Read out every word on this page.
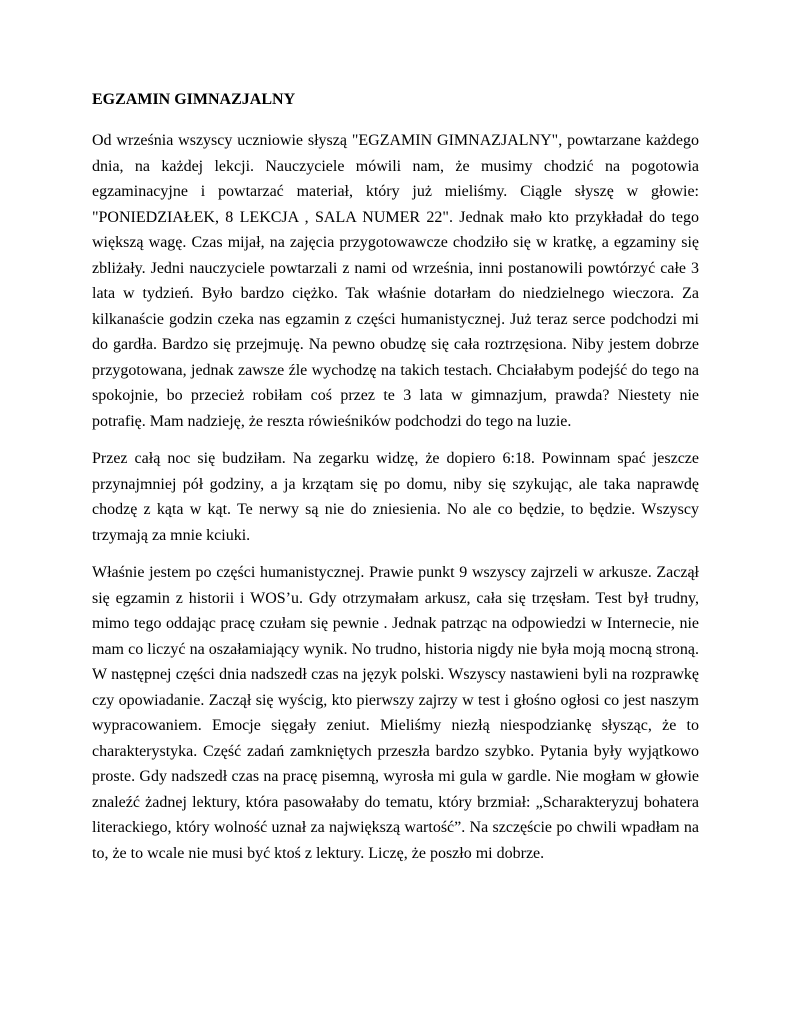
EGZAMIN GIMNAZJALNY

Od września wszyscy uczniowie słyszą "EGZAMIN GIMNAZJALNY", powtarzane każdego dnia, na każdej lekcji. Nauczyciele mówili nam, że musimy chodzić na pogotowia egzaminacyjne i powtarzać materiał, który już mieliśmy. Ciągle słyszę w głowie: "PONIEDZIAŁEK, 8 LEKCJA , SALA NUMER 22". Jednak mało kto przykładał do tego większą wagę. Czas mijał, na zajęcia przygotowawcze chodziło się w kratkę, a egzaminy się zbliżały. Jedni nauczyciele powtarzali z nami od września, inni postanowili powtórzyć całe 3 lata w tydzień. Było bardzo ciężko. Tak właśnie dotarłam do niedzielnego wieczora. Za kilkanaście godzin czeka nas egzamin z części humanistycznej. Już teraz serce podchodzi mi do gardła. Bardzo się przejmuję. Na pewno obudzę się cała roztrzęsiona. Niby jestem dobrze przygotowana, jednak zawsze źle wychodzę na takich testach. Chciałabym podejść do tego na spokojnie, bo przecież robiłam coś przez te 3 lata w gimnazjum, prawda? Niestety nie potrafię. Mam nadzieję, że reszta rówieśników podchodzi do tego na luzie.

Przez całą noc się budziłam. Na zegarku widzę, że dopiero 6:18. Powinnam spać jeszcze przynajmniej pół godziny, a ja krzątam się po domu, niby się szykując, ale taka naprawdę chodzę z kąta w kąt. Te nerwy są nie do zniesienia. No ale co będzie, to będzie. Wszyscy trzymają za mnie kciuki.

Właśnie jestem po części humanistycznej. Prawie punkt 9 wszyscy zajrzeli w arkusze. Zaczął się egzamin z historii i WOS’u. Gdy otrzymałam arkusz, cała się trzęsłam. Test był trudny, mimo tego oddając pracę czułam się pewnie . Jednak patrząc na odpowiedzi w Internecie, nie mam co liczyć na oszałamiający wynik. No trudno, historia nigdy nie była moją mocną stroną. W następnej części dnia nadszedł czas na język polski. Wszyscy nastawieni byli na rozprawkę czy opowiadanie. Zaczął się wyścig, kto pierwszy zajrzy w test i głośno ogłosi co jest naszym wypracowaniem. Emocje sięgały zeniut. Mieliśmy niezłą niespodziankę słysząc, że to charakterystyka. Część zadań zamkniętych przeszła bardzo szybko. Pytania były wyjątkowo proste. Gdy nadszedł czas na pracę pisemną, wyrosła mi gula w gardle. Nie mogłam w głowie znaleźć żadnej lektury, która pasowałaby do tematu, który brzmiał: „Scharakteryzuj bohatera literackiego, który wolność uznał za największą wartość”. Na szczęście po chwili wpadłam na to, że to wcale nie musi być ktoś z lektury. Liczę, że poszło mi dobrze.
